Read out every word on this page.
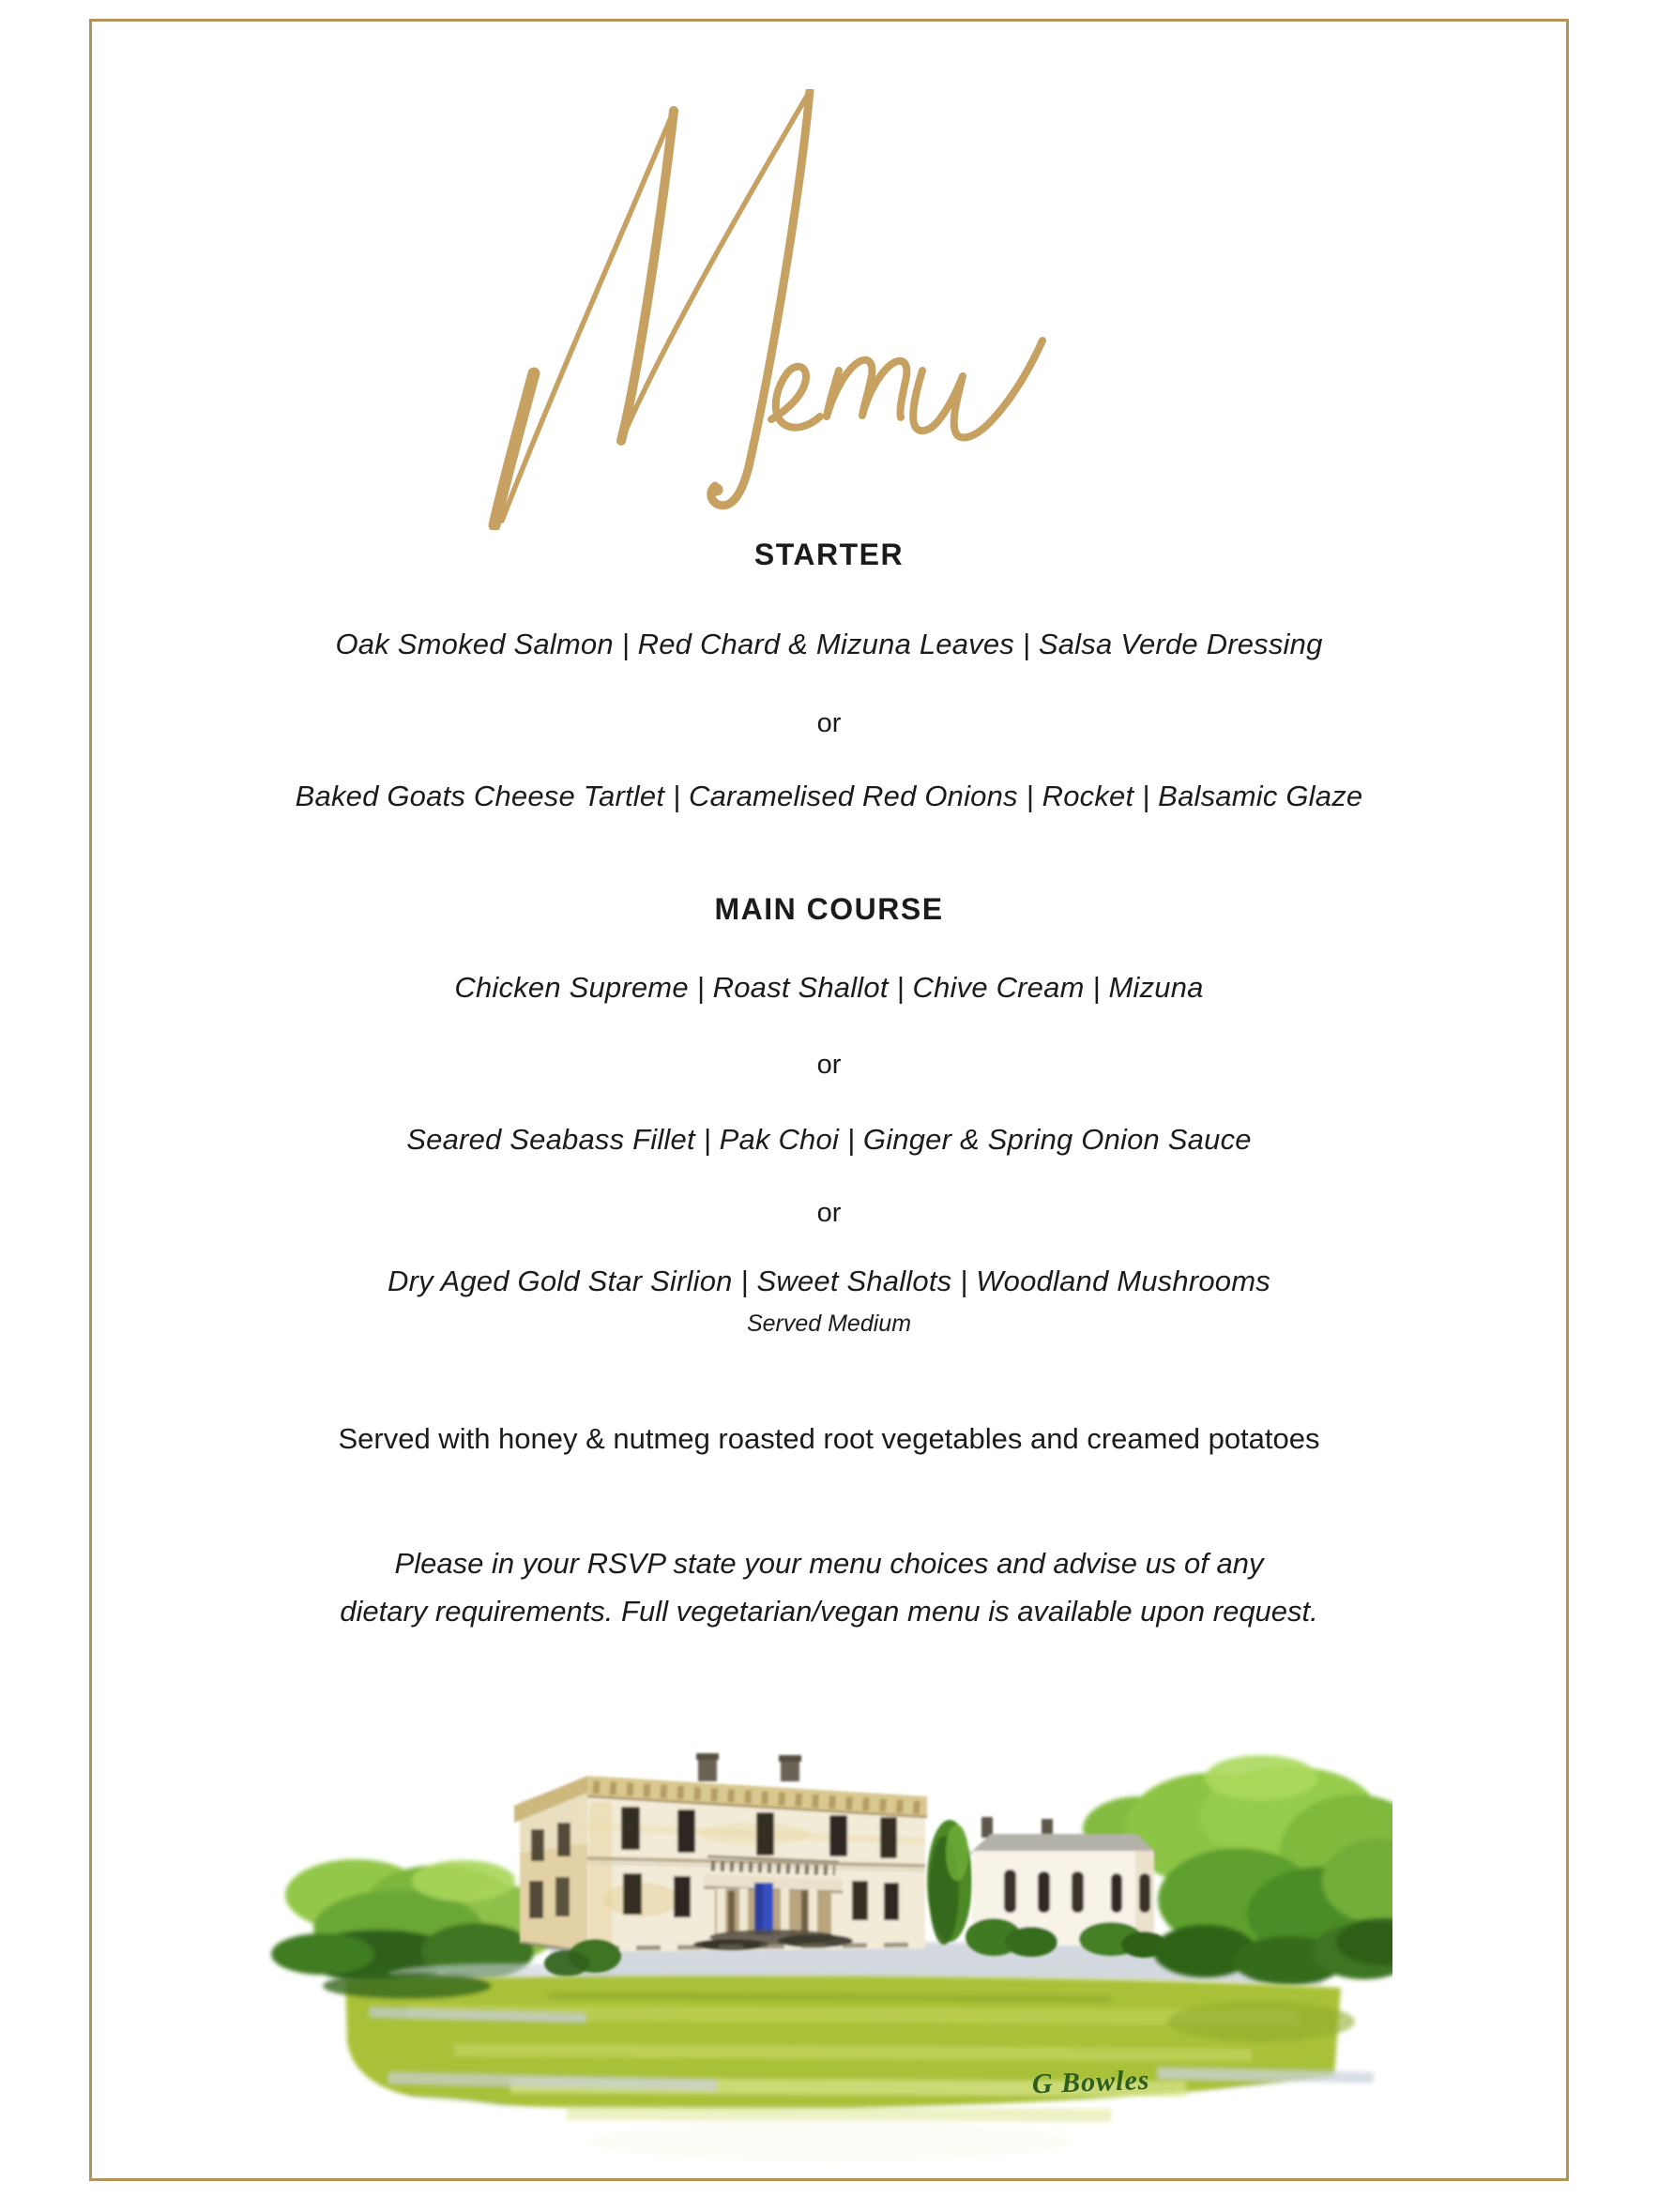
STARTER
Oak Smoked Salmon | Red Chard & Mizuna Leaves | Salsa Verde Dressing
or
Baked Goats Cheese Tartlet | Caramelised Red Onions | Rocket | Balsamic Glaze
MAIN COURSE
Chicken Supreme | Roast Shallot | Chive Cream | Mizuna
or
Seared Seabass Fillet | Pak Choi | Ginger & Spring Onion Sauce
or
Dry Aged Gold Star Sirlion | Sweet Shallots | Woodland Mushrooms
Served Medium
Served with honey & nutmeg roasted root vegetables and creamed potatoes
Please in your RSVP state your menu choices and advise us of any
dietary requirements. Full vegetarian/vegan menu is available upon request.
G Bowles
